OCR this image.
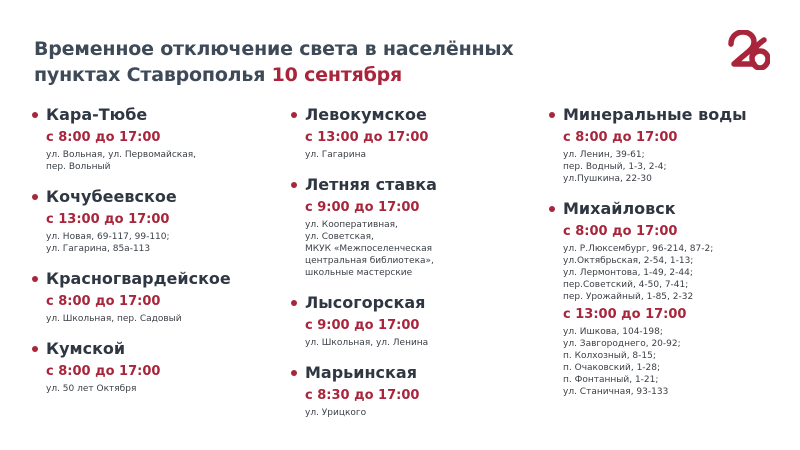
Временное отключение света в населённых пунктах Ставрополья 10 сентября
Кара-Тюбе
с 8:00 до 17:00
ул. Вольная, ул. Первомайская,
пер. Вольный
Кочубеевское
с 13:00 до 17:00
ул. Новая, 69-117, 99-110;
ул. Гагарина, 85а-113
Красногвардейское
с 8:00 до 17:00
ул. Школьная, пер. Садовый
Кумской
с 8:00 до 17:00
ул. 50 лет Октября
Левокумское
с 13:00 до 17:00
ул. Гагарина
Летняя ставка
с 9:00 до 17:00
ул. Кооперативная,
ул. Советская,
МКУК «Межпоселенческая
центральная библиотека»,
школьные мастерские
Лысогорская
с 9:00 до 17:00
ул. Школьная, ул. Ленина
Марьинская
с 8:30 до 17:00
ул. Урицкого
Минеральные воды
с 8:00 до 17:00
ул. Ленин, 39-61;
пер. Водный, 1-3, 2-4;
ул.Пушкина, 22-30
Михайловск
с 8:00 до 17:00
ул. Р.Люксембург, 96-214, 87-2;
ул.Октябрьская, 2-54, 1-13;
ул. Лермонтова, 1-49, 2-44;
пер.Советский, 4-50, 7-41;
пер. Урожайный, 1-85, 2-32
с 13:00 до 17:00
ул. Ишкова, 104-198;
ул. Завгороднего, 20-92;
п. Колхозный, 8-15;
п. Очаковский, 1-28;
п. Фонтанный, 1-21;
ул. Станичная, 93-133
